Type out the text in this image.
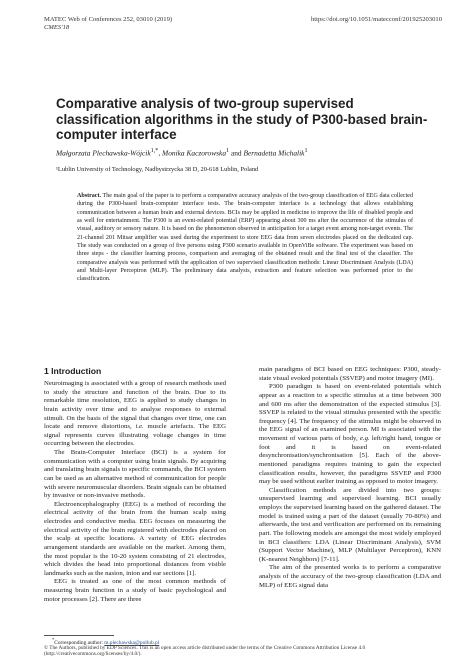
MATEC Web of Conferences 252, 03010 (2019)	https://doi.org/10.1051/matecconf/201925203010
CMES'18
Comparative analysis of two-group supervised classification algorithms in the study of P300-based brain-computer interface
Małgorzata Plechawska-Wójcik$^{1,*}$, Monika Kaczorowska$^1$ and Bernadetta Michalik$^1$
¹Lublin University of Technology, Nadbystrzycka 38 D, 20-618 Lublin, Poland
Abstract. The main goal of the paper is to perform a comparative accuracy analysis of the two-group classification of EEG data collected during the P300-based brain-computer interface tests. The brain-computer interface is a technology that allows establishing communication between a human brain and external devices. BCIs may be applied in medicine to improve the life of disabled people and as well for entertainment. The P300 is an event-related potential (ERP) appearing about 300 ms after the occurrence of the stimulus of visual, auditory or sensory nature. It is based on the phenomenon observed in anticipation for a target event among non-target events. The 21-channel 201 Mitsar amplifier was used during the experiment to store EEG data from seven electrodes placed on the dedicated cap. The study was conducted on a group of five persons using P300 scenario available in OpenViBe software. The experiment was based on three steps - the classifier learning process, comparison and averaging of the obtained result and the final test of the classifier. The comparative analysis was performed with the application of two supervised classification methods: Linear Discriminant Analysis (LDA) and Multi-layer Perceptron (MLP). The preliminary data analysis, extraction and feature selection was performed prior to the classification.
1 Introduction

Neuroimaging is associated with a group of research methods used to study the structure and function of the brain. Due to its remarkable time resolution, EEG is applied to study changes in brain activity over time and to analyse responses to external stimuli. On the basis of the signal that changes over time, one can locate and remove distortions, i.e. muscle artefacts. The EEG signal represents curves illustrating voltage changes in time occurring between the electrodes.

The Brain-Computer Interface (BCI) is a system for communication with a computer using brain signals. By acquiring and translating brain signals to specific commands, the BCI system can be used as an alternative method of communication for people with severe neuromuscular disorders. Brain signals can be obtained by invasive or non-invasive methods.

Electroencephalography (EEG) is a method of recording the electrical activity of the brain from the human scalp using electrodes and conductive media. EEG focuses on measuring the electrical activity of the brain registered with electrodes placed on the scalp at specific locations. A variety of EEG electrodes arrangement standards are available on the market. Among them, the most popular is the 10-20 system consisting of 21 electrodes, which divides the head into proportional distances from visible landmarks such as the nasion, inion and ear sections [1].

EEG is treated as one of the most common methods of measuring brain function in a study of basic psychological and motor processes [2]. There are three

main paradigms of BCI based on EEG techniques: P300, steady-state visual evoked potentials (SSVEP) and motor imagery (MI).

P300 paradigm is based on event-related potentials which appear as a reaction to a specific stimulus at a time between 300 and 600 ms after the demonstration of the expected stimulus [3]. SSVEP is related to the visual stimulus presented with the specific frequency [4]. The frequency of the stimulus might be observed in the EEG signal of an examined person. MI is associated with the movement of various parts of body, e.g. left/right hand, tongue or foot and it is based on event-related desynchronisation/synchronisation [5]. Each of the above-mentioned paradigms requires training to gain the expected classification results, however, the paradigms SSVEP and P300 may be used without earlier training as opposed to motor imagery.

Classification methods are divided into two groups: unsupervised learning and supervised learning. BCI usually employs the supervised learning based on the gathered dataset. The model is trained using a part of the dataset (usually 70-80%) and afterwards, the test and verification are performed on its remaining part. The following models are amongst the most widely employed in BCI classifiers: LDA (Linear Discriminant Analysis), SVM (Support Vector Machine), MLP (Multilayer Perceptron), KNN (K-nearest Neighbors) [7-11].

The aim of the presented works is to perform a comparative analysis of the accuracy of the two-group classification (LDA and MLP) of EEG signal data

*Corresponding author: m.plechawska@pollub.pl
© The Authors, published by EDP Sciences. This is an open access article distributed under the terms of the Creative Commons Attribution License 4.0
(http://creativecommons.org/licenses/by/4.0/).
